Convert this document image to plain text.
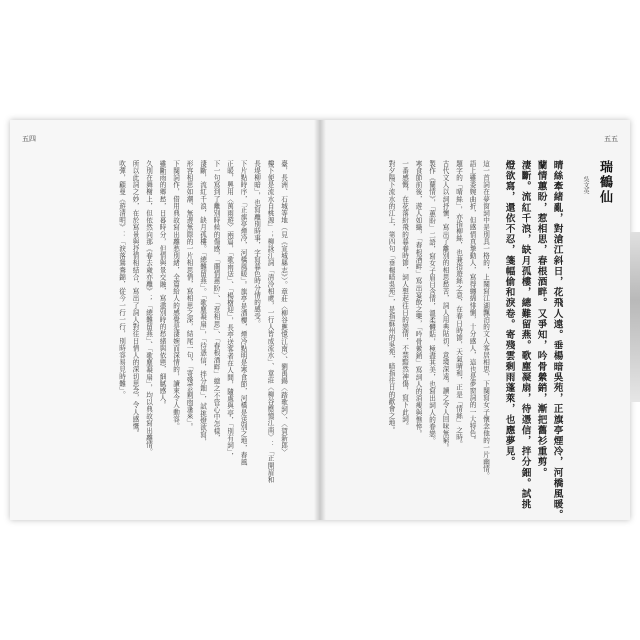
五四
臺，長洲、石城等地（見《宣城縣志》）。章莊〈柳谷應憶江南〉、劉禹錫〈踏歌詞〉、〈賀新郎〉
樓下便是流水自桃源」；柳詠江詞「清泠相處，一行人皆成流水」、章莊〈柳谷應憶江南〉：「正開眉和
長堤柳暗」，也寫離別時事，字寫暮色時分情的感受。
下片點時序，「正旗亭煙冷，河橋風暖」。旗亭是酒樓，煙冷點明是寒食節，河橋是送別之地，春風
正暖，興用〈萬雨遊〉兩篇，「歌雨送」、「楊樹迎」，長亭送客者在人間，隨處與亭，「別有詞」，
下一句寫到了離別時候的傷感，「蘭情蕙盼」、「惹相思」、「春根酒畔」總之不管心中怎樣，
淒斷，流紅千浪，缺月孤樓。「總難留燕」。「歌塵凝扇」，「待憑信，拌分鈿」，試挑燈欲寫，
形容相思如潮、無邊無際的一片相思情，寫相思之深，結尾一句，「寄殘雲剩雨蓬萊」。
下闋詞作，借用典故寫出離愁別緒，全篇給人的感覺是淒婉而深情的，讀來令人動容。
雖斷雨的鄉愁，日暮時分，但情與景交融，寫盡別時的愁緒與依戀，細膩感人。
久別在舞榭上，但依然向那《春去歲亦離》；「總難留燕」、「歌塵凝扇」，均以典故寫出離情。
所以此詞之妙，在於寫景與抒情相結合，寫出了詞人對往日情人的深切思念，令人感慨。
吹彈，顧曼《遊清明》：「淚落鴛鴦錦，從今一行一行，別時容易見時難」。
五五
瑞鶴仙
吳文英
晴絲牽緒亂，對滄江斜日，花飛人遠。垂楊暗吳苑，正旗亭煙冷，河橋風暖。
蘭情蕙盼，惹相思，春根酒畔。又爭知，吟骨縈銷，漸把舊衫重剪。
淒斷。流紅千浪，缺月孤樓，總難留燕。歌塵凝扇，待憑信，拌分鈿。試挑
燈欲寫，還依不忍，箋幅偷和淚卷。寄殘雲剩雨蓬萊，也應夢見。
這一首詞在夢窗詞中是別具一格的，上闋寫江湖飄泊的文人客居相思，下闋寫女子懷念他的一片幽情。
語上雖委婉曲折，但感情真摯動人，寫得纏綿悱惻，十分感人，這也是夢窗詞的一大特色。
題字的「晴絲」，亦指柳絲，也兼指遊絲之意，在春日時節，天氣晴和，正是「情絲」之時。
古代文人以詞抒懷，寫出了離別的相思愁苦，詞人用典貼切，意境深遠，讀之令人回味無窮。
製作《蘭情》，「蕙盼」二語，寫女子眉目含情，溫柔體貼，極盡其美，也寫出詞人的眷戀。
寒食節前後，遊人如織，「春根酒畔」寫出宴飲之樂，「吟骨縈銷」寫詞人的消瘦與憔悴。
一番感慨，在花落紛飛的暮春時節，詞人想起往日的戀情，不禁黯然神傷，寫下此詞。
對夕陽下流水的江上，第四句「垂楊暗吳苑」，是指蘇州的吳苑，暗指往日的歡會之地。
